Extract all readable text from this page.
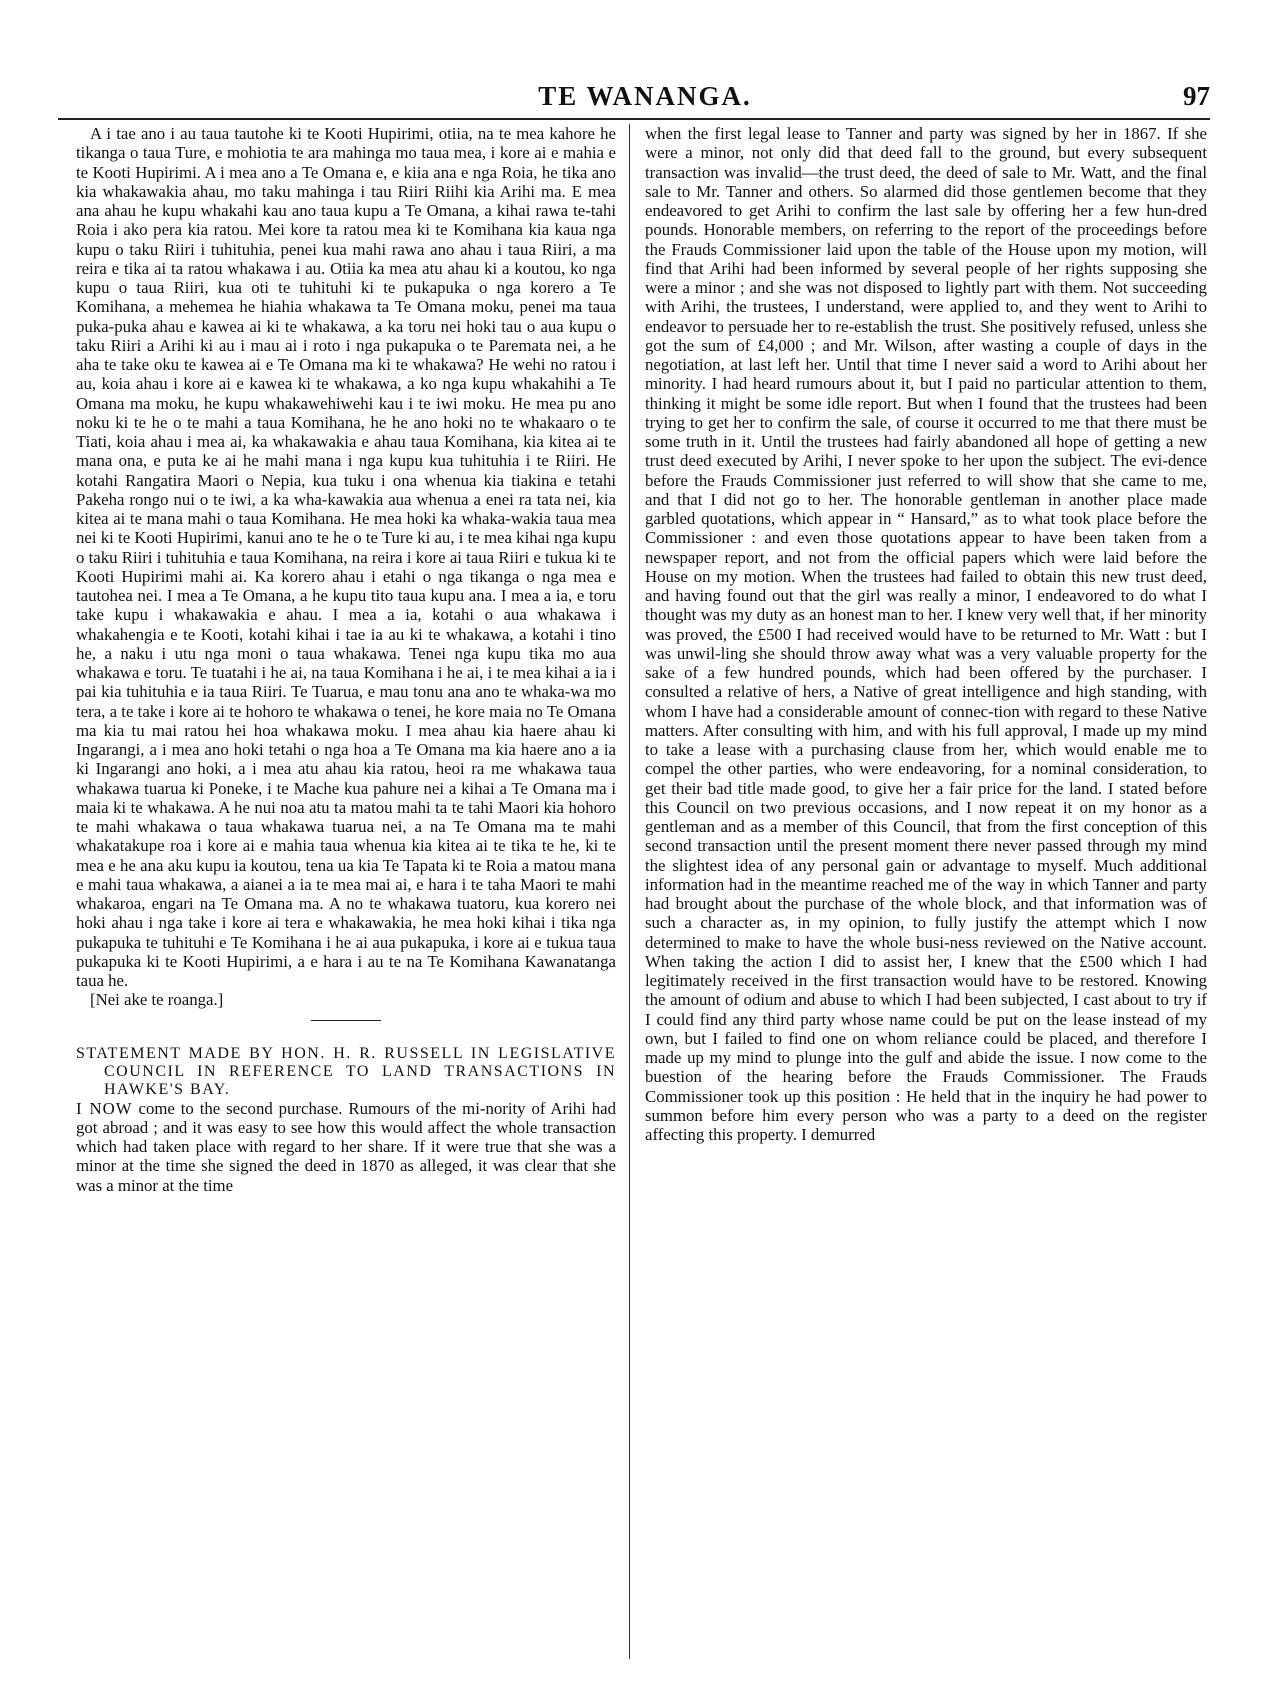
TE WANANGA.	97

A i tae ano i au taua tautohe ki te Kooti Hupirimi, otiia, na te mea kahore he tikanga o taua Ture, e mohiotia te ara mahinga mo taua mea, i kore ai e mahia e te Kooti Hupirimi. A i mea ano a Te Omana e, e kiia ana e nga Roia, he tika ano kia whakawakia ahau, mo taku mahinga i tau Riiri Riihi kia Arihi ma. E mea ana ahau he kupu whakahi kau ano taua kupu a Te Omana, a kihai rawa te-tahi Roia i ako pera kia ratou. Mei kore ta ratou mea ki te Komihana kia kaua nga kupu o taku Riiri i tuhituhia, penei kua mahi rawa ano ahau i taua Riiri, a ma reira e tika ai ta ratou whakawa i au. Otiia ka mea atu ahau ki a koutou, ko nga kupu o taua Riiri, kua oti te tuhituhi ki te pukapuka o nga korero a Te Komihana, a mehemea he hiahia whakawa ta Te Omana moku, penei ma taua puka-puka ahau e kawea ai ki te whakawa, a ka toru nei hoki tau o aua kupu o taku Riiri a Arihi ki au i mau ai i roto i nga pukapuka o te Paremata nei, a he aha te take oku te kawea ai e Te Omana ma ki te whakawa? He wehi no ratou i au, koia ahau i kore ai e kawea ki te whakawa, a ko nga kupu whakahihi a Te Omana ma moku, he kupu whakawehiwehi kau i te iwi moku. He mea pu ano noku ki te he o te mahi a taua Komihana, he he ano hoki no te whakaaro o te Tiati, koia ahau i mea ai, ka whakawakia e ahau taua Komihana, kia kitea ai te mana ona, e puta ke ai he mahi mana i nga kupu kua tuhituhia i te Riiri. He kotahi Rangatira Maori o Nepia, kua tuku i ona whenua kia tiakina e tetahi Pakeha rongo nui o te iwi, a ka wha-kawakia aua whenua a enei ra tata nei, kia kitea ai te mana mahi o taua Komihana. He mea hoki ka whaka-wakia taua mea nei ki te Kooti Hupirimi, kanui ano te he o te Ture ki au, i te mea kihai nga kupu o taku Riiri i tuhituhia e taua Komihana, na reira i kore ai taua Riiri e tukua ki te Kooti Hupirimi mahi ai. Ka korero ahau i etahi o nga tikanga o nga mea e tautohea nei. I mea a Te Omana, a he kupu tito taua kupu ana. I mea a ia, e toru take kupu i whakawakia e ahau. I mea a ia, kotahi o aua whakawa i whakahengia e te Kooti, kotahi kihai i tae ia au ki te whakawa, a kotahi i tino he, a naku i utu nga moni o taua whakawa. Tenei nga kupu tika mo aua whakawa e toru. Te tuatahi i he ai, na taua Komihana i he ai, i te mea kihai a ia i pai kia tuhituhia e ia taua Riiri. Te Tuarua, e mau tonu ana ano te whaka-wa mo tera, a te take i kore ai te hohoro te whakawa o tenei, he kore maia no Te Omana ma kia tu mai ratou hei hoa whakawa moku. I mea ahau kia haere ahau ki Ingarangi, a i mea ano hoki tetahi o nga hoa a Te Omana ma kia haere ano a ia ki Ingarangi ano hoki, a i mea atu ahau kia ratou, heoi ra me whakawa taua whakawa tuarua ki Poneke, i te Mache kua pahure nei a kihai a Te Omana ma i maia ki te whakawa. A he nui noa atu ta matou mahi ta te tahi Maori kia hohoro te mahi whakawa o taua whakawa tuarua nei, a na Te Omana ma te mahi whakatakupe roa i kore ai e mahia taua whenua kia kitea ai te tika te he, ki te mea e he ana aku kupu ia koutou, tena ua kia Te Tapata ki te Roia a matou mana e mahi taua whakawa, a aianei a ia te mea mai ai, e hara i te taha Maori te mahi whakaroa, engari na Te Omana ma. A no te whakawa tuatoru, kua korero nei hoki ahau i nga take i kore ai tera e whakawakia, he mea hoki kihai i tika nga pukapuka te tuhituhi e Te Komihana i he ai aua pukapuka, i kore ai e tukua taua pukapuka ki te Kooti Hupirimi, a e hara i au te na Te Komihana Kawanatanga taua he.

[Nei ake te roanga.]

STATEMENT MADE BY HON. H. R. RUSSELL IN LEGISLATIVE COUNCIL IN REFERENCE TO LAND TRANSACTIONS IN HAWKE'S BAY.

I NOW come to the second purchase. Rumours of the mi-nority of Arihi had got abroad ; and it was easy to see how this would affect the whole transaction which had taken place with regard to her share. If it were true that she was a minor at the time she signed the deed in 1870 as alleged, it was clear that she was a minor at the time

when the first legal lease to Tanner and party was signed by her in 1867. If she were a minor, not only did that deed fall to the ground, but every subsequent transaction was invalid—the trust deed, the deed of sale to Mr. Watt, and the final sale to Mr. Tanner and others. So alarmed did those gentlemen become that they endeavored to get Arihi to confirm the last sale by offering her a few hun-dred pounds. Honorable members, on referring to the report of the proceedings before the Frauds Commissioner laid upon the table of the House upon my motion, will find that Arihi had been informed by several people of her rights supposing she were a minor ; and she was not disposed to lightly part with them. Not succeeding with Arihi, the trustees, I understand, were applied to, and they went to Arihi to endeavor to persuade her to re-establish the trust. She positively refused, unless she got the sum of £4,000 ; and Mr. Wilson, after wasting a couple of days in the negotiation, at last left her. Until that time I never said a word to Arihi about her minority. I had heard rumours about it, but I paid no particular attention to them, thinking it might be some idle report. But when I found that the trustees had been trying to get her to confirm the sale, of course it occurred to me that there must be some truth in it. Until the trustees had fairly abandoned all hope of getting a new trust deed executed by Arihi, I never spoke to her upon the subject. The evi-dence before the Frauds Commissioner just referred to will show that she came to me, and that I did not go to her. The honorable gentleman in another place made garbled quotations, which appear in “ Hansard,” as to what took place before the Commissioner : and even those quotations appear to have been taken from a newspaper report, and not from the official papers which were laid before the House on my motion. When the trustees had failed to obtain this new trust deed, and having found out that the girl was really a minor, I endeavored to do what I thought was my duty as an honest man to her. I knew very well that, if her minority was proved, the £500 I had received would have to be returned to Mr. Watt : but I was unwil-ling she should throw away what was a very valuable property for the sake of a few hundred pounds, which had been offered by the purchaser. I consulted a relative of hers, a Native of great intelligence and high standing, with whom I have had a considerable amount of connec-tion with regard to these Native matters. After consulting with him, and with his full approval, I made up my mind to take a lease with a purchasing clause from her, which would enable me to compel the other parties, who were endeavoring, for a nominal consideration, to get their bad title made good, to give her a fair price for the land. I stated before this Council on two previous occasions, and I now repeat it on my honor as a gentleman and as a member of this Council, that from the first conception of this second transaction until the present moment there never passed through my mind the slightest idea of any personal gain or advantage to myself. Much additional information had in the meantime reached me of the way in which Tanner and party had brought about the purchase of the whole block, and that information was of such a character as, in my opinion, to fully justify the attempt which I now determined to make to have the whole busi-ness reviewed on the Native account. When taking the action I did to assist her, I knew that the £500 which I had legitimately received in the first transaction would have to be restored. Knowing the amount of odium and abuse to which I had been subjected, I cast about to try if I could find any third party whose name could be put on the lease instead of my own, but I failed to find one on whom reliance could be placed, and therefore I made up my mind to plunge into the gulf and abide the issue. I now come to the buestion of the hearing before the Frauds Commissioner. The Frauds Commissioner took up this position : He held that in the inquiry he had power to summon before him every person who was a party to a deed on the register affecting this property. I demurred
